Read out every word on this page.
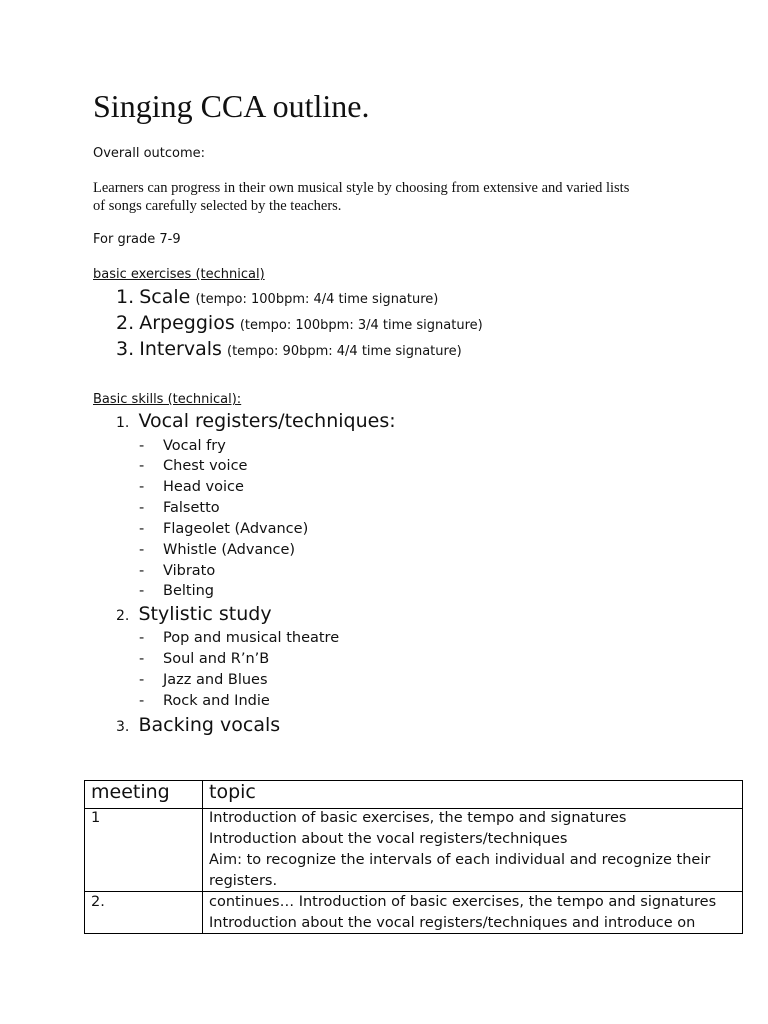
Singing CCA outline.
Overall outcome:
Learners can progress in their own musical style by choosing from extensive and varied lists
of songs carefully selected by the teachers.
For grade 7-9
basic exercises (technical)
1. Scale (tempo: 100bpm: 4/4 time signature)
2. Arpeggios (tempo: 100bpm: 3/4 time signature)
3. Intervals (tempo: 90bpm: 4/4 time signature)
Basic skills (technical):
1. Vocal registers/techniques:
- Vocal fry
- Chest voice
- Head voice
- Falsetto
- Flageolet (Advance)
- Whistle (Advance)
- Vibrato
- Belting
2. Stylistic study
- Pop and musical theatre
- Soul and R’n’B
- Jazz and Blues
- Rock and Indie
3. Backing vocals
meeting topic
1	Introduction of basic exercises, the tempo and signatures
Introduction about the vocal registers/techniques
Aim: to recognize the intervals of each individual and recognize their
registers.
2.	continues… Introduction of basic exercises, the tempo and signatures
Introduction about the vocal registers/techniques and introduce on
